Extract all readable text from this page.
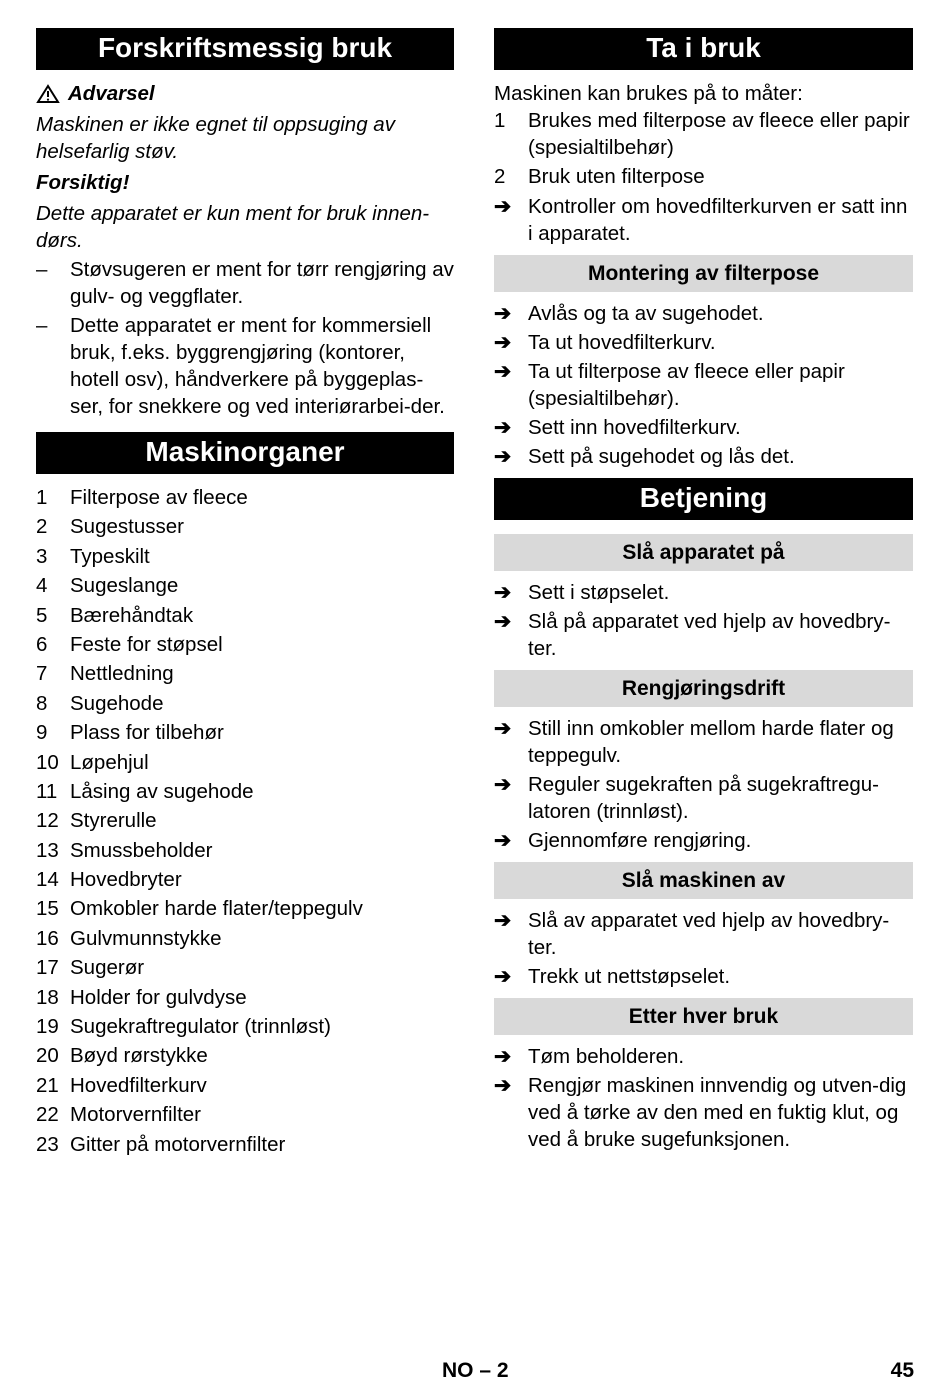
Forskriftsmessig bruk
Advarsel

Maskinen er ikke egnet til oppsuging av helsefarlig støv.

Forsiktig!

Dette apparatet er kun ment for bruk innen-dørs.

–	Støvsugeren er ment for tørr rengjøring av gulv- og veggflater.
–	Dette apparatet er ment for kommersiell bruk, f.eks. byggrengjøring (kontorer, hotell osv), håndverkere på byggeplas-ser, for snekkere og ved interiørarbei-der.
Maskinorganer
1	Filterpose av fleece
2	Sugestusser
3	Typeskilt
4	Sugeslange
5	Bærehåndtak
6	Feste for støpsel
7	Nettledning
8	Sugehode
9	Plass for tilbehør
10 Løpehjul
11 Låsing av sugehode
12 Styrerulle
13 Smussbeholder
14 Hovedbryter
15 Omkobler harde flater/teppegulv
16 Gulvmunnstykke
17 Sugerør
18 Holder for gulvdyse
19 Sugekraftregulator (trinnløst)
20 Bøyd rørstykke
21 Hovedfilterkurv
22 Motorvernfilter
23 Gitter på motorvernfilter
Ta i bruk

Maskinen kan brukes på to måter:

1	Brukes med filterpose av fleece eller papir (spesialtilbehør)
2	Bruk uten filterpose
➔ Kontroller om hovedfilterkurven er satt inn i apparatet.
Montering av filterpose
➔ Avlås og ta av sugehodet.
➔ Ta ut hovedfilterkurv.
➔ Ta ut filterpose av fleece eller papir (spesialtilbehør).
➔ Sett inn hovedfilterkurv.
➔ Sett på sugehodet og lås det.
Betjening
Slå apparatet på
➔ Sett i støpselet.
➔ Slå på apparatet ved hjelp av hovedbry-ter.
Rengjøringsdrift
➔ Still inn omkobler mellom harde flater og teppegulv.
➔ Reguler sugekraften på sugekraftregu-latoren (trinnløst).
➔ Gjennomføre rengjøring.
Slå maskinen av
➔ Slå av apparatet ved hjelp av hovedbry-ter.
➔ Trekk ut nettstøpselet.
Etter hver bruk
➔ Tøm beholderen.
➔ Rengjør maskinen innvendig og utven-dig ved å tørke av den med en fuktig klut, og ved å bruke sugefunksjonen.
NO – 2	45
